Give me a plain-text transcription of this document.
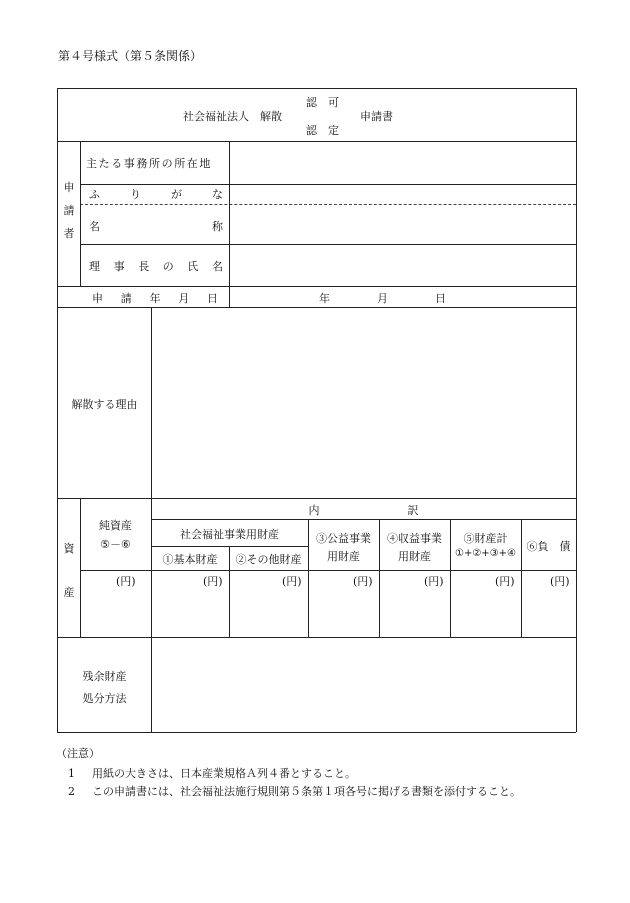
第４号様式（第５条関係）
認　可
社会福祉法人　解散	申請書
認　定
申
請
者
主たる事務所の所在地
ふ	り	が	な
名	称
理 事 長 の 氏 名
申 請 年 月 日	年	月	日
解散する理由
資
産
純資産
⑤－⑥
内　　　　　　　　訳
社会福祉事業用財産
①基本財産	②その他財産
③公益事業
用財産
④収益事業
用財産
⑤財産計
①+②+③+④
⑥負　債
(円)	(円)	(円)	(円)	(円)	(円)	(円)
残余財産
処分方法
（注意）
1 用紙の大きさは、日本産業規格Ａ列４番とすること。
2 この申請書には、社会福祉法施行規則第５条第１項各号に掲げる書類を添付すること。
